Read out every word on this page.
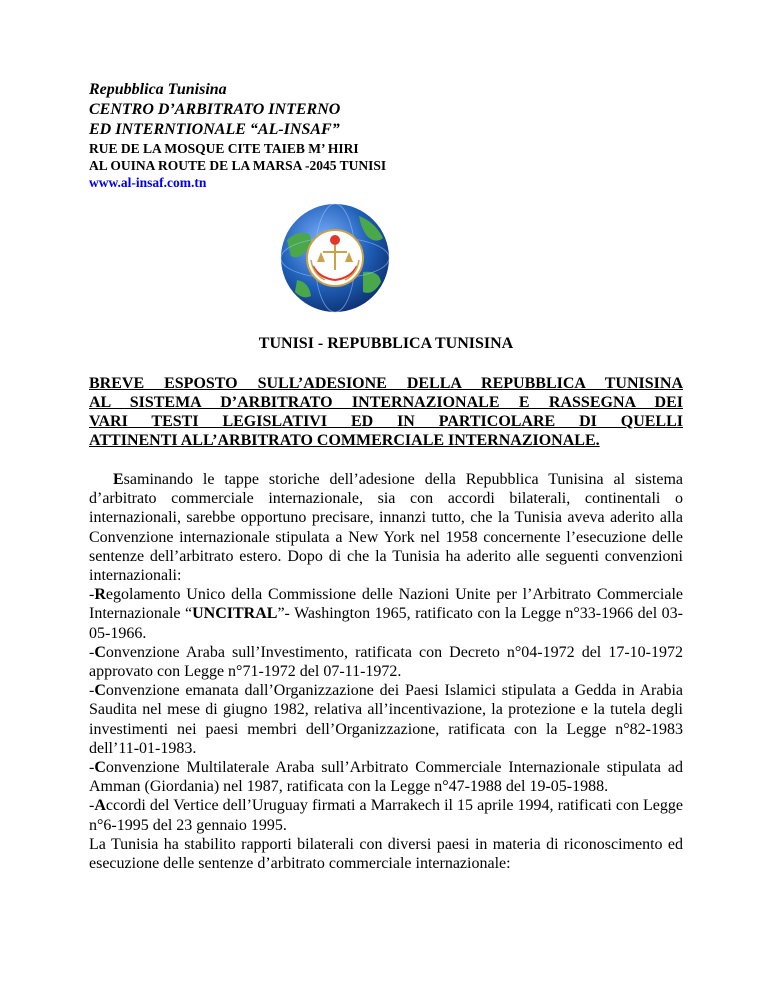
Repubblica Tunisina
CENTRO D’ARBITRATO INTERNO
ED INTERNTIONALE “AL-INSAF”
RUE DE LA MOSQUE CITE TAIEB M’ HIRI
AL OUINA ROUTE DE LA MARSA -2045 TUNISI
www.al-insaf.com.tn
TUNISI - REPUBBLICA TUNISINA
BREVE ESPOSTO SULL’ADESIONE DELLA REPUBBLICA TUNISINA
AL SISTEMA D’ARBITRATO INTERNAZIONALE E RASSEGNA DEI
VARI TESTI LEGISLATIVI ED IN PARTICOLARE DI QUELLI
ATTINENTI ALL’ARBITRATO COMMERCIALE INTERNAZIONALE.

Esaminando le tappe storiche dell’adesione della Repubblica Tunisina al sistema d’arbitrato commerciale internazionale, sia con accordi bilaterali, continentali o internazionali, sarebbe opportuno precisare, innanzi tutto, che la Tunisia aveva aderito alla Convenzione internazionale stipulata a New York nel 1958 concernente l’esecuzione delle sentenze dell’arbitrato estero. Dopo di che la Tunisia ha aderito alle seguenti convenzioni internazionali:

-Regolamento Unico della Commissione delle Nazioni Unite per l’Arbitrato Commerciale Internazionale “UNCITRAL”- Washington 1965, ratificato con la Legge n°33-1966 del 03-05-1966.

-Convenzione Araba sull’Investimento, ratificata con Decreto n°04-1972 del 17-10-1972 approvato con Legge n°71-1972 del 07-11-1972.

-Convenzione emanata dall’Organizzazione dei Paesi Islamici stipulata a Gedda in Arabia Saudita nel mese di giugno 1982, relativa all’incentivazione, la protezione e la tutela degli investimenti nei paesi membri dell’Organizzazione, ratificata con la Legge n°82-1983 dell’11-01-1983.

-Convenzione Multilaterale Araba sull’Arbitrato Commerciale Internazionale stipulata ad Amman (Giordania) nel 1987, ratificata con la Legge n°47-1988 del 19-05-1988.

-Accordi del Vertice dell’Uruguay firmati a Marrakech il 15 aprile 1994, ratificati con Legge n°6-1995 del 23 gennaio 1995.

La Tunisia ha stabilito rapporti bilaterali con diversi paesi in materia di riconoscimento ed esecuzione delle sentenze d’arbitrato commerciale internazionale:
